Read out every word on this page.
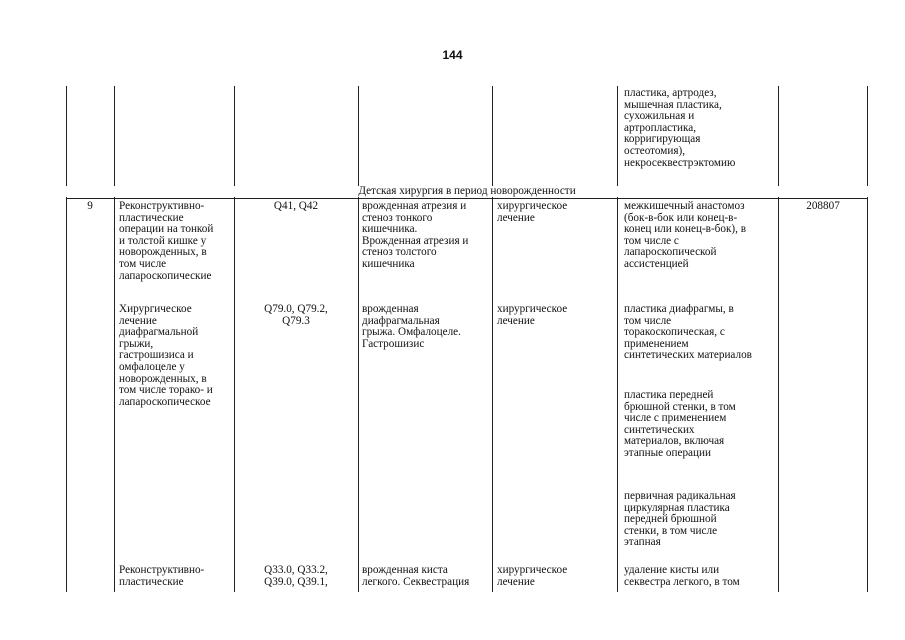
144
пластика, артродез,
мышечная пластика,
сухожильная и
артропластика,
корригирующая
остеотомия),
некросеквестрэктомию
Детская хирургия в период новорожденности
9	Реконструктивно-
пластические
операции на тонкой
и толстой кишке у
новорожденных, в
том числе
лапароскопические
Q41, Q42	врожденная атрезия и
стеноз тонкого
кишечника.
Врожденная атрезия и
стеноз толстого
кишечника
хирургическое
лечение
межкишечный анастомоз
(бок-в-бок или конец-в-
конец или конец-в-бок), в
том числе с
лапароскопической
ассистенцией
208807
Хирургическое
лечение
диафрагмальной
грыжи,
гастрошизиса и
омфалоцеле у
новорожденных, в
том числе торако- и
лапароскопическое
Q79.0, Q79.2,
Q79.3
врожденная
диафрагмальная
грыжа. Омфалоцеле.
Гастрошизис
хирургическое
лечение
пластика диафрагмы, в
том числе
торакоскопическая, с
применением
синтетических материалов
пластика передней
брюшной стенки, в том
числе с применением
синтетических
материалов, включая
этапные операции
первичная радикальная
циркулярная пластика
передней брюшной
стенки, в том числе
этапная
Реконструктивно-
пластические
Q33.0, Q33.2,
Q39.0, Q39.1,
врожденная киста
легкого. Секвестрация
хирургическое
лечение
удаление кисты или
секвестра легкого, в том
